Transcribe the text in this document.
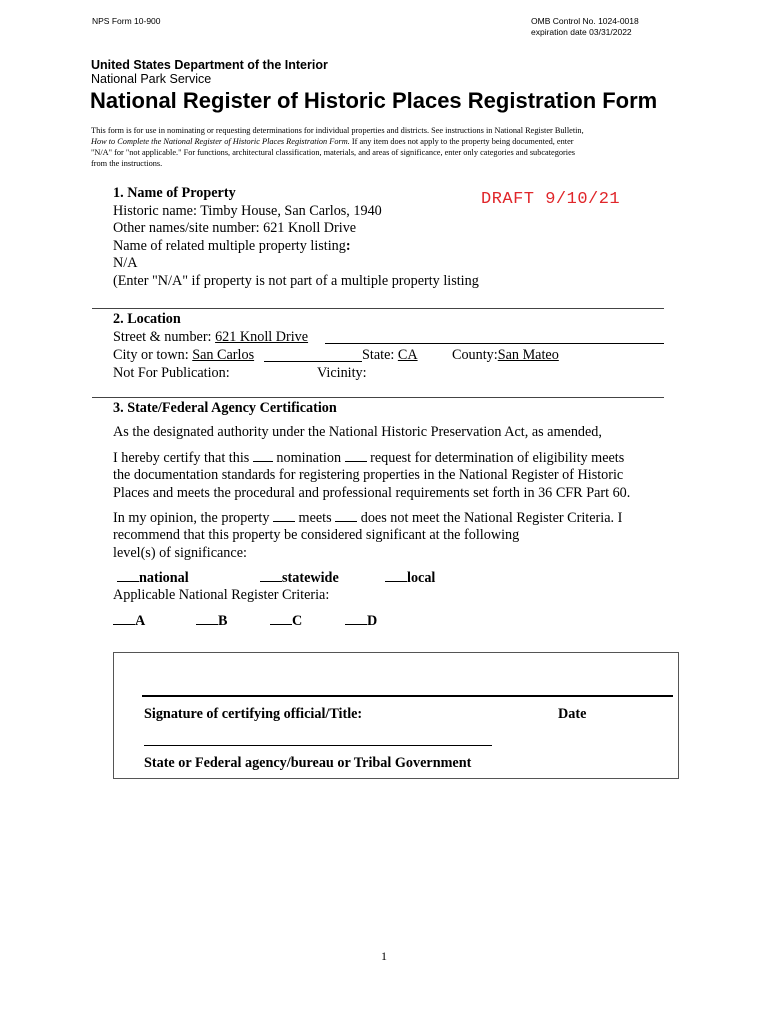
NPS Form 10-900	OMB Control No. 1024-0018
expiration date 03/31/2022
United States Department of the Interior
National Park Service
National Register of Historic Places Registration Form
This form is for use in nominating or requesting determinations for individual properties and districts. See instructions in National Register Bulletin,
How to Complete the National Register of Historic Places Registration Form. If any item does not apply to the property being documented, enter
"N/A" for "not applicable." For functions, architectural classification, materials, and areas of significance, enter only categories and subcategories
from the instructions.
DRAFT 9/10/21
1. Name of Property
Historic name: Timby House, San Carlos, 1940
Other names/site number: 621 Knoll Drive
Name of related multiple property listing:
N/A
(Enter "N/A" if property is not part of a multiple property listing
2. Location
Street & number: 621 Knoll Drive
City or town: San Carlos	State: CA County:San Mateo
Not For Publication:	Vicinity:
3. State/Federal Agency Certification
As the designated authority under the National Historic Preservation Act, as amended,
I hereby certify that this  nomination  request for determination of eligibility meets
the documentation standards for registering properties in the National Register of Historic
Places and meets the procedural and professional requirements set forth in 36 CFR Part 60.
In my opinion, the property  meets  does not meet the National Register Criteria. I
recommend that this property be considered significant at the following
level(s) of significance:
national	statewide	local
Applicable National Register Criteria:
A	B	C	D
Signature of certifying official/Title:	Date
State or Federal agency/bureau or Tribal Government
1
